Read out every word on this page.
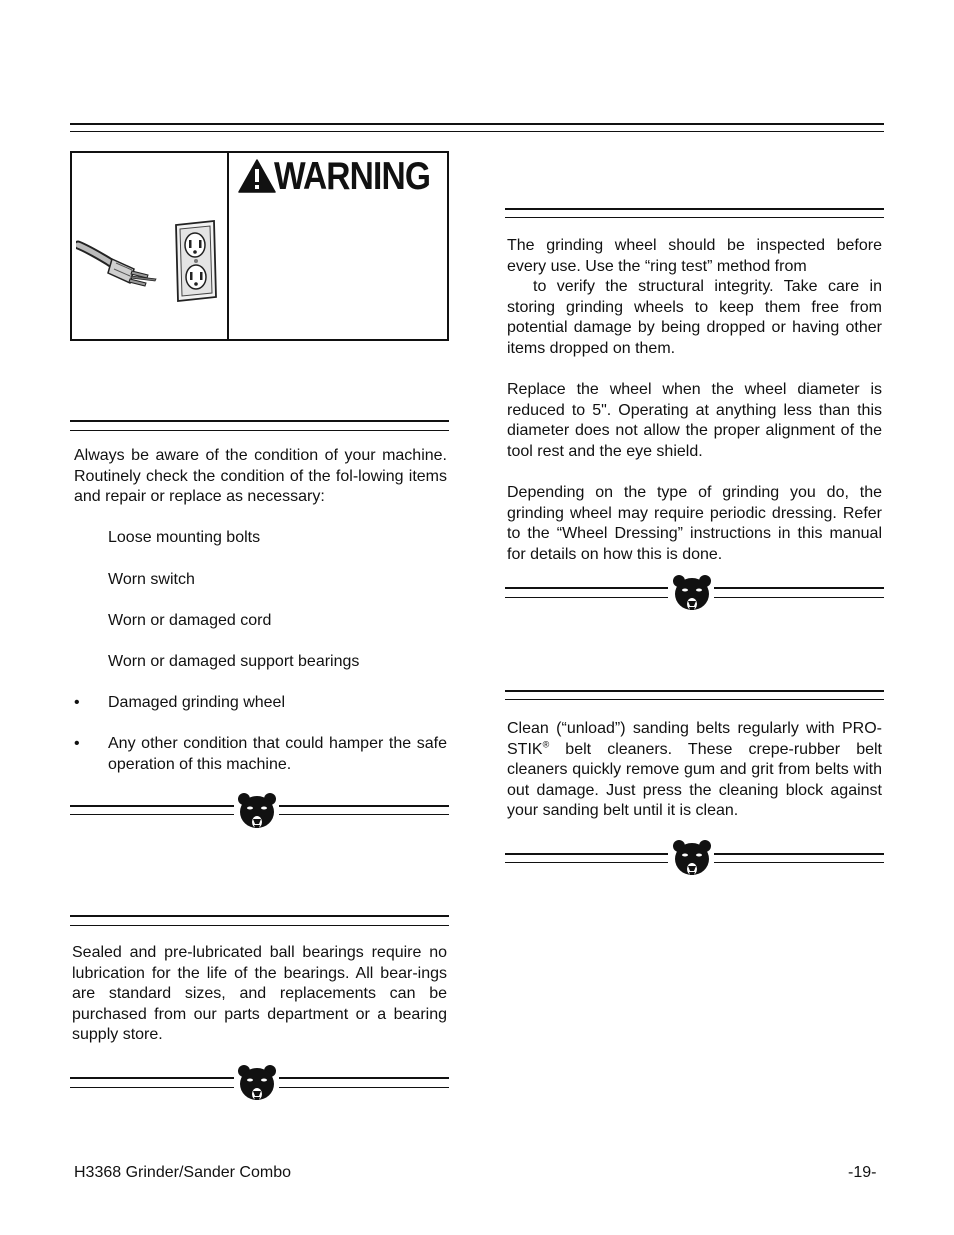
WARNING

Always be aware of the condition of your machine. Routinely check the condition of the fol-lowing items and repair or replace as necessary:

Loose mounting bolts
Worn switch
Worn or damaged cord
Worn or damaged support bearings
• Damaged grinding wheel
• Any other condition that could hamper the safe operation of this machine.

Sealed and pre-lubricated ball bearings require no lubrication for the life of the bearings. All bear-ings are standard sizes, and replacements can be purchased from our parts department or a bearing supply store.

The grinding wheel should be inspected before every use. Use the “ring test” method from

to verify the structural integrity. Take care in storing grinding wheels to keep them free from potential damage by being dropped or having other items dropped on them.

Replace the wheel when the wheel diameter is reduced to 5". Operating at anything less than this diameter does not allow the proper alignment of the tool rest and the eye shield.

Depending on the type of grinding you do, the grinding wheel may require periodic dressing. Refer to the “Wheel Dressing” instructions in this manual for details on how this is done.

Clean (“unload”) sanding belts regularly with PRO-STIK® belt cleaners. These crepe-rubber belt cleaners quickly remove gum and grit from belts with out damage. Just press the cleaning block against your sanding belt until it is clean.

H3368 Grinder/Sander Combo	-19-
